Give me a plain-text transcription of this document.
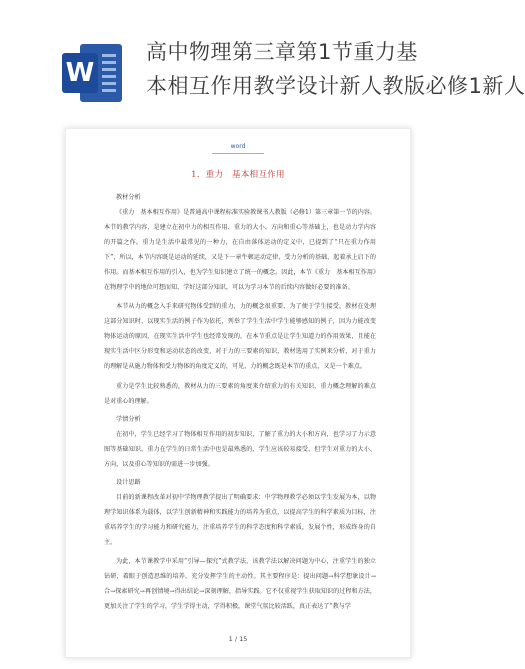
W
高中物理第三章第1节重力基
本相互作用教学设计新人教版必修1新人
word
1．重力　基本相互作用
教材分析

《重力　基本相互作用》是普通高中课程标准实验教课书人教版（必修1）第三章第一节的内容。本节的教学内容，是建立在初中力的相互作用、重力的大小、方向和重心等基础上，也是动力学内容的开篇之作。重力是生活中最常见的一种力，在自由落体运动的定义中，已提到了“只在重力作用下”，所以，本节内容既是运动的延续，又是下一章牛顿运动定律、受力分析的基础，起着承上启下的作用。而基本相互作用的引入，也为学生知识建立了统一的概念。因此，本节《重力　基本相互作用》在物理学中的地位可想而知，学好这部分知识，可以为学习本节的后续内容做好必要的准备。

本节从力的概念入手来研究物体受到的重力，力的概念很重要，为了便于学生接受，教材在处理这部分知识时，以现实生活的例子作为依托，列举了学生生活中学生能够感知的例子，因为力能改变物体运动的原因，在现实生活中学生也经常发现的，在本节重点是让学生知道力的作用效果，且能在现实生活中区分形变和运动状态的改变，对于力的三要素的知识，教材选用了实例来分析，对于重力的理解是从施力物体和受力物体的角度定义的，可见，力的概念既是本节的重点，又是一个难点。

重力是学生比较熟悉的，教材从力的三要素的角度来介绍重力的有关知识，重力概念理解的难点是对重心的理解。

学情分析

在初中，学生已经学习了物体相互作用的初步知识，了解了重力的大小和方向，也学习了力示意图等基础知识。重力在学生的日常生活中也是最熟悉的，学生应该较易接受，但学生对重力的大小、方向，以及重心等知识的需进一步加强。

设计思路

目前的新课程改革对初中学物理教学提出了明确要求：中学物理教学必须以学生发展为本，以物理学知识体系为载体，以学生创新精神和实践能力的培养为重点，以提高学生的科学素质为目标，注重培养学生的学习能力和研究能力，注重培养学生的科学态度和科学素质，发展个性，形成终身的自主。

为此，本节课教学中采用“引导—探究”式教学法，该教学法以解决问题为中心，注重学生的独立钻研，着眼于创造思维的培养，充分发挥学生的主动性。其主要程序是：提出问题→科学想象设计→合→探索研究→再创情境→得出结论→深刻理解，指导实践。它不仅重视学生获取知识的过程和方法，更加关注了学生的学习，学生学得主动，学得积极，课堂气氛比较活跃，真正表达了“教与学

1 / 15
